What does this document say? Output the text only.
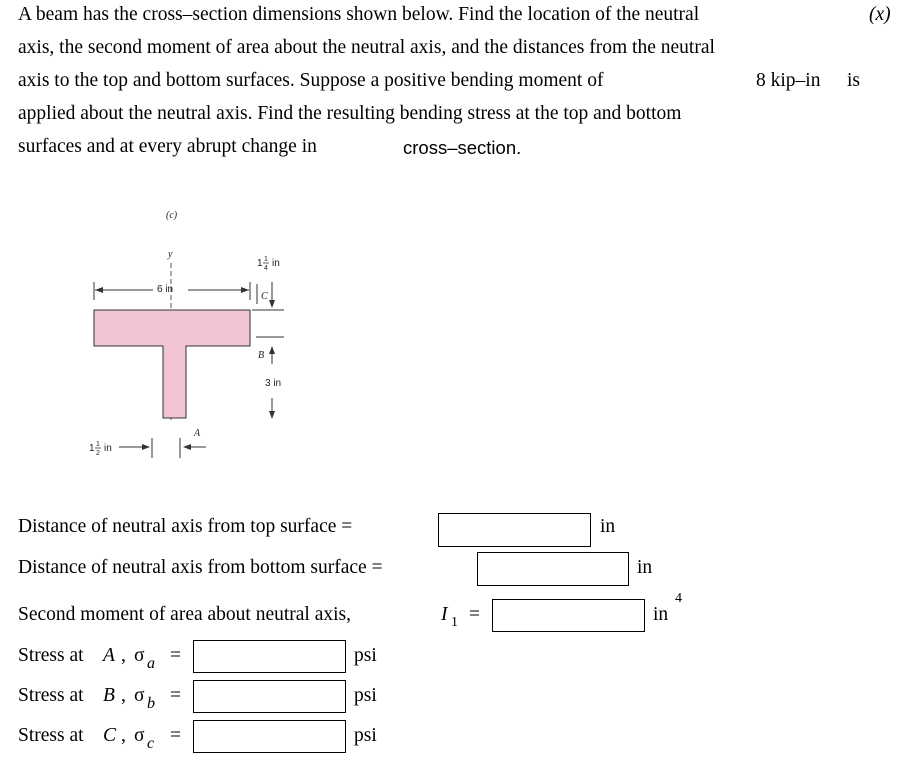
A beam has the cross–section dimensions shown below. Find the location of the neutral	(x)
axis, the second moment of area about the neutral axis, and the distances from the neutral
axis to the top and bottom surfaces. Suppose a positive bending moment of	8 kip–in is
applied about the neutral axis. Find the resulting bending stress at the top and bottom
surfaces and at every abrupt change in	cross–section.
(c)
y
6 in
1 1
4 in
C
B
3 in
1 1
2 in
A
Distance of neutral axis from top surface =	in
Distance of neutral axis from bottom surface =	in
Second moment of area about neutral axis,	I 1 =	in
4
Stress at A , σ a =	psi
Stress at B , σ b =	psi
Stress at C , σ c =	psi
